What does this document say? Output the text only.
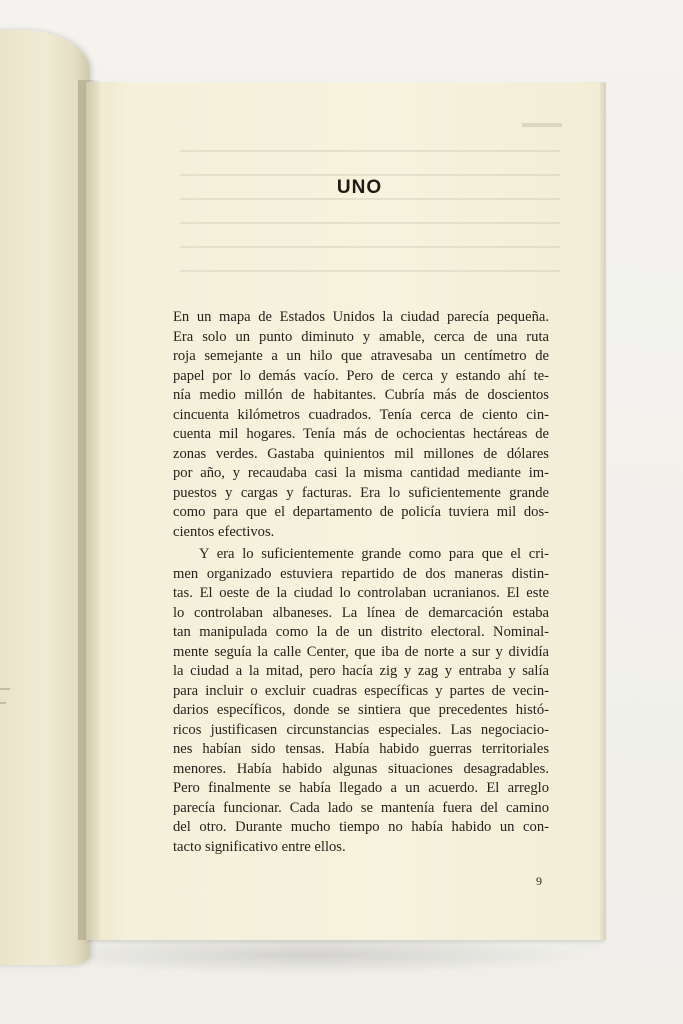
UNO
En un mapa de Estados Unidos la ciudad parecía pequeña.
Era solo un punto diminuto y amable, cerca de una ruta
roja semejante a un hilo que atravesaba un centímetro de
papel por lo demás vacío. Pero de cerca y estando ahí te-
nía medio millón de habitantes. Cubría más de doscientos
cincuenta kilómetros cuadrados. Tenía cerca de ciento cin-
cuenta mil hogares. Tenía más de ochocientas hectáreas de
zonas verdes. Gastaba quinientos mil millones de dólares
por año, y recaudaba casi la misma cantidad mediante im-
puestos y cargas y facturas. Era lo suficientemente grande
como para que el departamento de policía tuviera mil dos-
cientos efectivos.
Y era lo suficientemente grande como para que el cri-
men organizado estuviera repartido de dos maneras distin-
tas. El oeste de la ciudad lo controlaban ucranianos. El este
lo controlaban albaneses. La línea de demarcación estaba
tan manipulada como la de un distrito electoral. Nominal-
mente seguía la calle Center, que iba de norte a sur y dividía
la ciudad a la mitad, pero hacía zig y zag y entraba y salía
para incluir o excluir cuadras específicas y partes de vecin-
darios específicos, donde se sintiera que precedentes histó-
ricos justificasen circunstancias especiales. Las negociacio-
nes habían sido tensas. Había habido guerras territoriales
menores. Había habido algunas situaciones desagradables.
Pero finalmente se había llegado a un acuerdo. El arreglo
parecía funcionar. Cada lado se mantenía fuera del camino
del otro. Durante mucho tiempo no había habido un con-
tacto significativo entre ellos.
9
